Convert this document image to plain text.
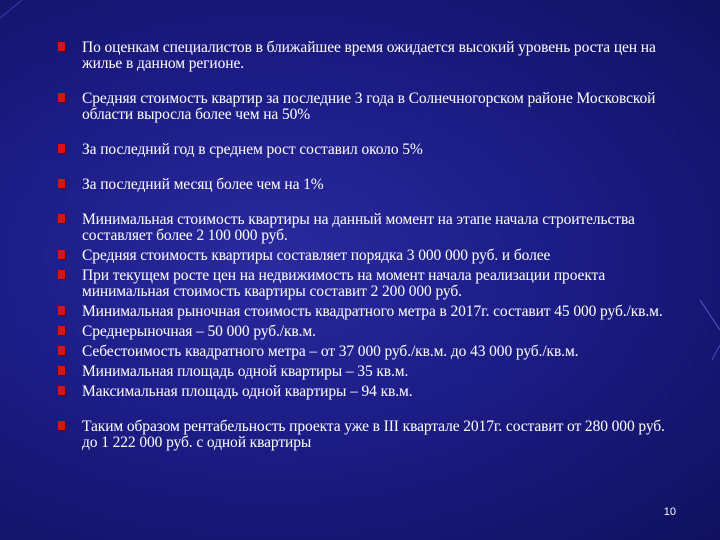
По оценкам специалистов в ближайшее время ожидается высокий уровень роста цен на жилье в данном регионе.
Средняя стоимость квартир за последние 3 года в Солнечногорском районе Московской области выросла более чем на 50%
За последний год в среднем рост составил около 5%
За последний месяц более чем на 1%
Минимальная стоимость квартиры на данный момент на этапе начала строительства составляет более 2 100 000 руб.
Средняя стоимость квартиры составляет порядка 3 000 000 руб. и более
При текущем росте цен на недвижимость на момент начала реализации проекта минимальная стоимость квартиры составит 2 200 000 руб.
Минимальная рыночная стоимость квадратного метра в 2017г. составит 45 000 руб./кв.м.
Среднерыночная – 50 000 руб./кв.м.
Себестоимость квадратного метра – от 37 000 руб./кв.м. до 43 000 руб./кв.м.
Минимальная площадь одной квартиры – 35 кв.м.
Максимальная площадь одной квартиры – 94 кв.м.
Таким образом рентабельность проекта уже в III квартале 2017г. составит от 280 000 руб. до 1 222 000 руб. с одной квартиры
10
